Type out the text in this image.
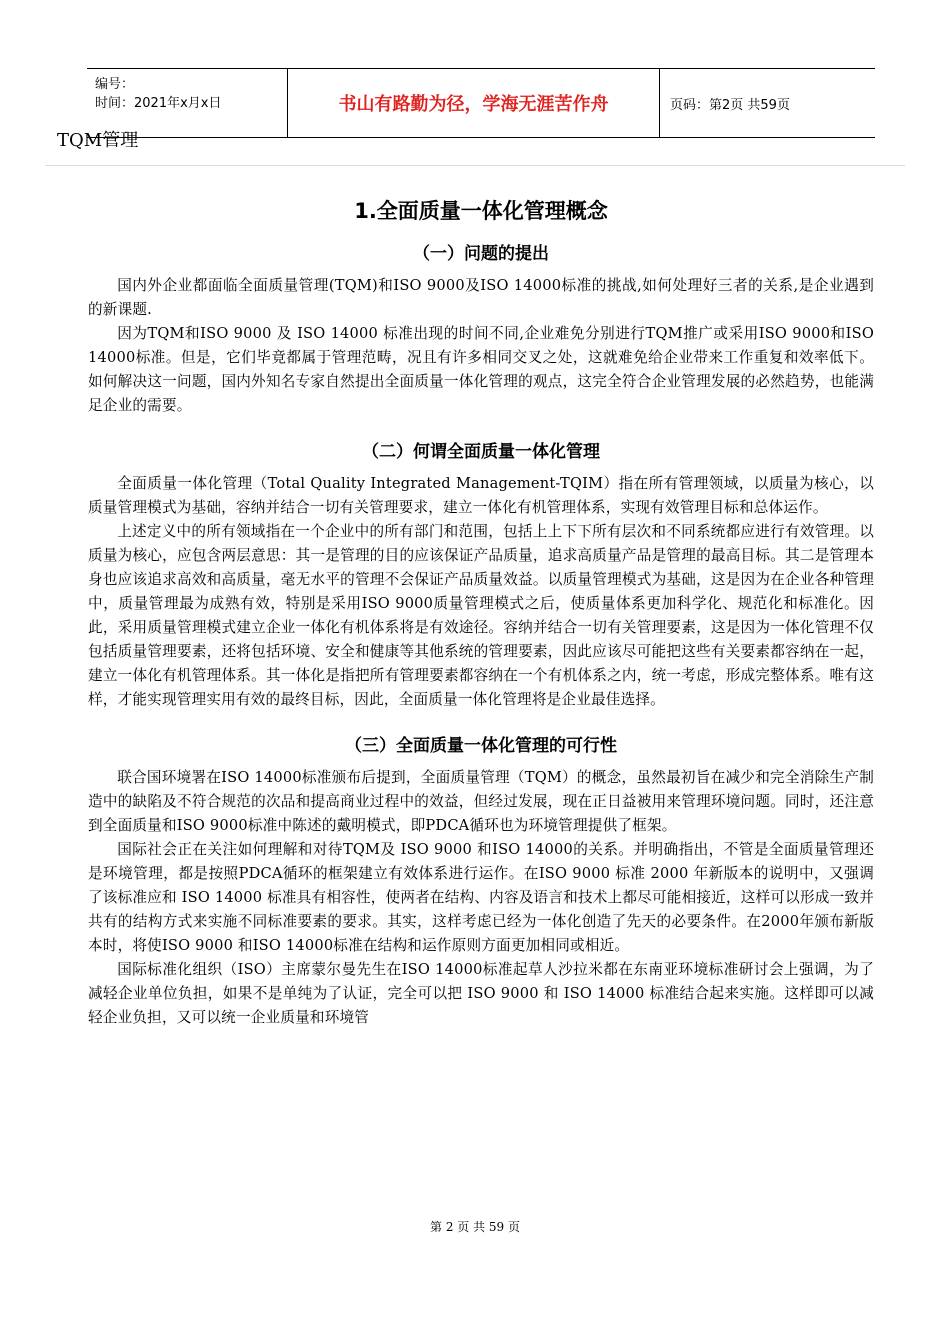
编号：
时间：2021年x月x日	书山有路勤为径，学海无涯苦作舟	页码：第2页 共59页
TQM管理
1.全面质量一体化管理概念
（一）问题的提出

国内外企业都面临全面质量管理(TQM)和ISO 9000及ISO 14000标准的挑战,如何处理好三者的关系,是企业遇到的新课题.

因为TQM和ISO 9000 及 ISO 14000 标准出现的时间不同,企业难免分别进行TQM推广或采用ISO 9000和ISO 14000标准。但是，它们毕竟都属于管理范畴，况且有许多相同交叉之处，这就难免给企业带来工作重复和效率低下。如何解决这一问题，国内外知名专家自然提出全面质量一体化管理的观点，这完全符合企业管理发展的必然趋势，也能满足企业的需要。

（二）何谓全面质量一体化管理

全面质量一体化管理（Total Quality Integrated Management-TQIM）指在所有管理领域，以质量为核心，以质量管理模式为基础，容纳并结合一切有关管理要求，建立一体化有机管理体系，实现有效管理目标和总体运作。

上述定义中的所有领域指在一个企业中的所有部门和范围，包括上上下下所有层次和不同系统都应进行有效管理。以质量为核心，应包含两层意思：其一是管理的目的应该保证产品质量，追求高质量产品是管理的最高目标。其二是管理本身也应该追求高效和高质量，毫无水平的管理不会保证产品质量效益。以质量管理模式为基础，这是因为在企业各种管理中，质量管理最为成熟有效，特别是采用ISO 9000质量管理模式之后，使质量体系更加科学化、规范化和标准化。因此，采用质量管理模式建立企业一体化有机体系将是有效途径。容纳并结合一切有关管理要素，这是因为一体化管理不仅包括质量管理要素，还将包括环境、安全和健康等其他系统的管理要素，因此应该尽可能把这些有关要素都容纳在一起，建立一体化有机管理体系。其一体化是指把所有管理要素都容纳在一个有机体系之内，统一考虑，形成完整体系。唯有这样，才能实现管理实用有效的最终目标，因此，全面质量一体化管理将是企业最佳选择。

（三）全面质量一体化管理的可行性

联合国环境署在ISO 14000标准颁布后提到，全面质量管理（TQM）的概念，虽然最初旨在减少和完全消除生产制造中的缺陷及不符合规范的次品和提高商业过程中的效益，但经过发展，现在正日益被用来管理环境问题。同时，还注意到全面质量和ISO 9000标准中陈述的戴明模式，即PDCA循环也为环境管理提供了框架。

国际社会正在关注如何理解和对待TQM及 ISO 9000 和ISO 14000的关系。并明确指出，不管是全面质量管理还是环境管理，都是按照PDCA循环的框架建立有效体系进行运作。在ISO 9000 标准 2000 年新版本的说明中，又强调了该标准应和 ISO 14000 标准具有相容性，使两者在结构、内容及语言和技术上都尽可能相接近，这样可以形成一致并共有的结构方式来实施不同标准要素的要求。其实，这样考虑已经为一体化创造了先天的必要条件。在2000年颁布新版本时，将使ISO 9000 和ISO 14000标准在结构和运作原则方面更加相同或相近。

国际标准化组织（ISO）主席蒙尔曼先生在ISO 14000标准起草人沙拉米都在东南亚环境标准研讨会上强调，为了减轻企业单位负担，如果不是单纯为了认证，完全可以把 ISO 9000 和 ISO 14000 标准结合起来实施。这样即可以减轻企业负担，又可以统一企业质量和环境管

第 2 页 共 59 页
